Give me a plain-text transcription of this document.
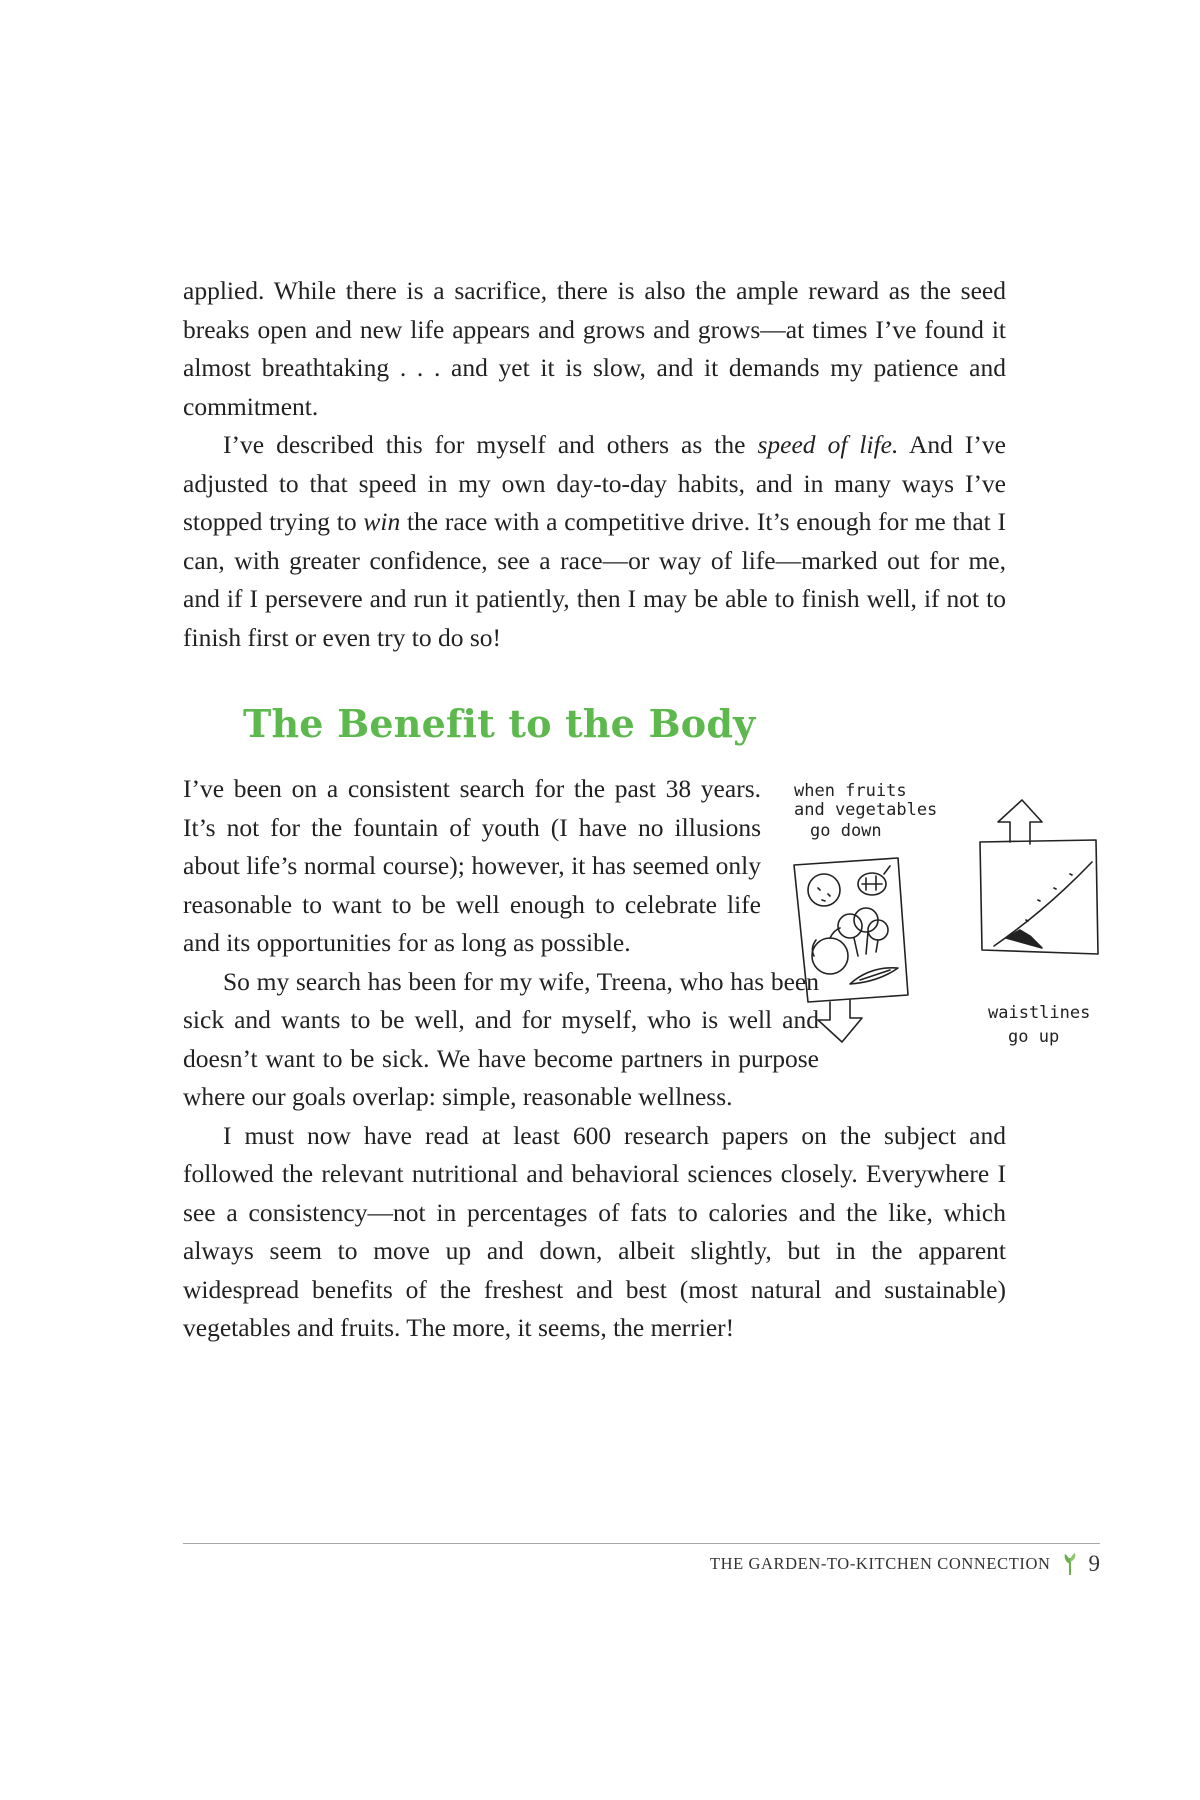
applied. While there is a sacrifice, there is also the ample reward as the seed breaks open and new life appears and grows and grows—at times I’ve found it almost breathtaking . . . and yet it is slow, and it demands my patience and commitment.

I’ve described this for myself and others as the speed of life. And I’ve adjusted to that speed in my own day-to-day habits, and in many ways I’ve stopped trying to win the race with a competitive drive. It’s enough for me that I can, with greater confidence, see a race—or way of life—marked out for me, and if I persevere and run it patiently, then I may be able to finish well, if not to finish first or even try to do so!

The Benefit to the Body

I’ve been on a consistent search for the past 38 years. It’s not for the fountain of youth (I have no illusions about life’s normal course); however, it has seemed only reasonable to want to be well enough to celebrate life and its opportunities for as long as possible.

So my search has been for my wife, Treena, who has been sick and wants to be well, and for myself, who is well and doesn’t want to be sick. We have become partners in purpose where our goals overlap: simple, reasonable wellness.

I must now have read at least 600 research papers on the subject and followed the relevant nutritional and behavioral sciences closely. Everywhere I see a consistency—not in percentages of fats to calories and the like, which always seem to move up and down, albeit slightly, but in the apparent widespread benefits of the freshest and best (most natural and sustainable) vegetables and fruits. The more, it seems, the merrier!

when fruits
and vegetables
go down
waistlines
go up
THE GARDEN-TO-KITCHEN CONNECTION 9
